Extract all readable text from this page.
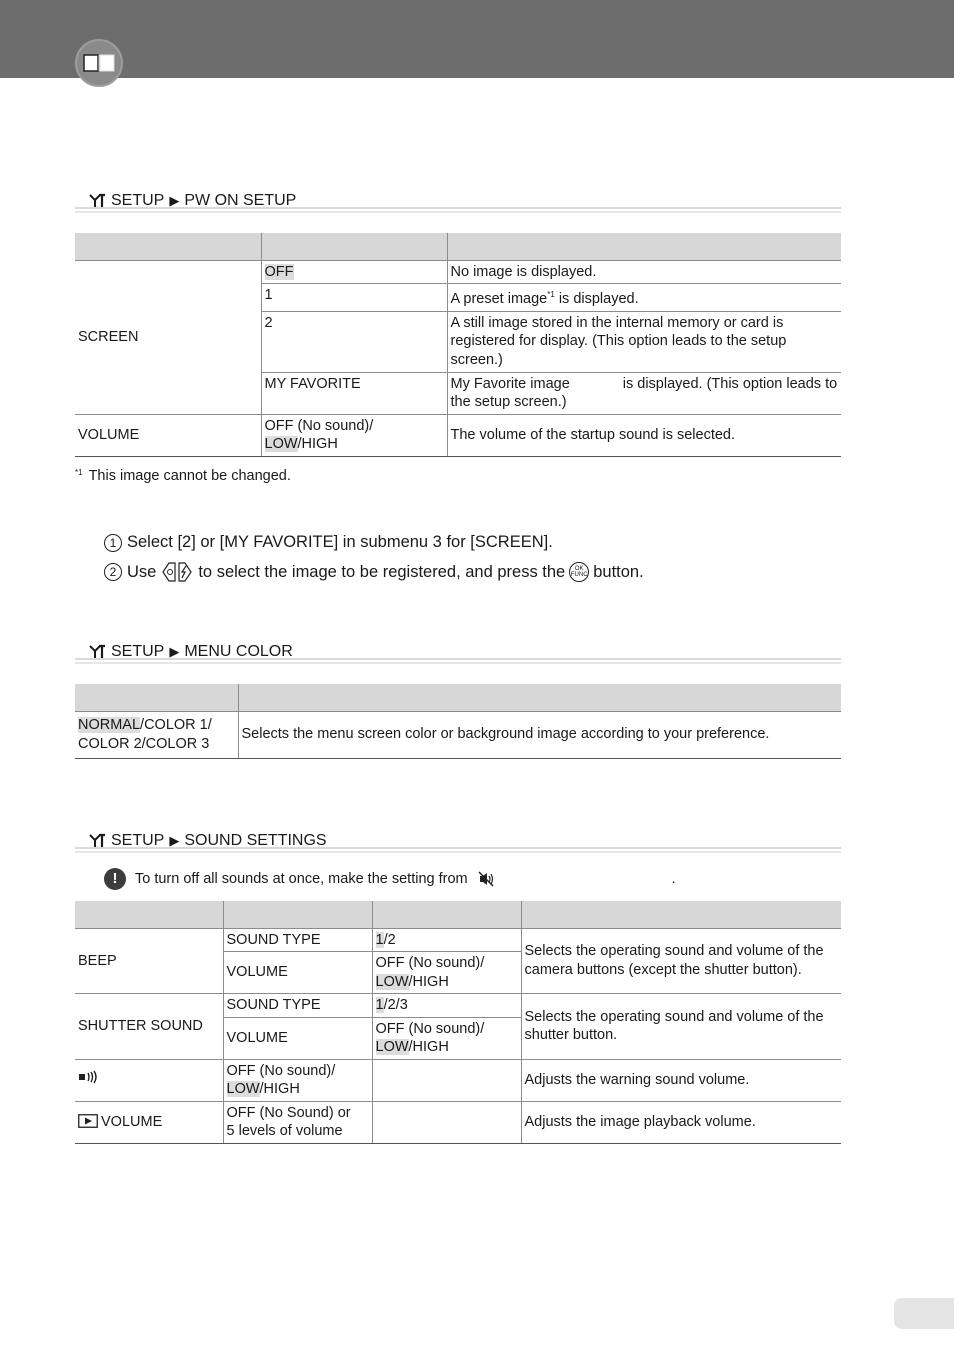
SETUP ▶ PW ON SETUP

SCREEN	OFF	No image is displayed.
	1	A preset image$^{*1}$ is displayed.
	2	A still image stored in the internal memory or card is registered for display. (This option leads to the setup screen.)
	MY FAVORITE	My Favorite image is displayed. (This option leads to the setup screen.)
VOLUME	OFF (No sound)/
LOW/HIGH	The volume of the startup sound is selected.
$^{*1}$ This image cannot be changed.
1 Select [2] or [MY FAVORITE] in submenu 3 for [SCREEN].
2 Use	to select the image to be registered, and press the OK
FUNC button.
SETUP ▶ MENU COLOR

NORMAL/COLOR 1/
COLOR 2/COLOR 3	Selects the menu screen color or background image according to your preference.
SETUP ▶ SOUND SETTINGS
!	To turn off all sounds at once, make the setting from	.

BEEP	SOUND TYPE	1/2	Selects the operating sound and volume of the camera buttons (except the shutter button).
	VOLUME	OFF (No sound)/
LOW/HIGH	
SHUTTER SOUND	SOUND TYPE	1/2/3	Selects the operating sound and volume of the shutter button.
	VOLUME	OFF (No sound)/
LOW/HIGH	
	OFF (No sound)/
LOW/HIGH		Adjusts the warning sound volume.
VOLUME	OFF (No Sound) or
5 levels of volume		Adjusts the image playback volume.
